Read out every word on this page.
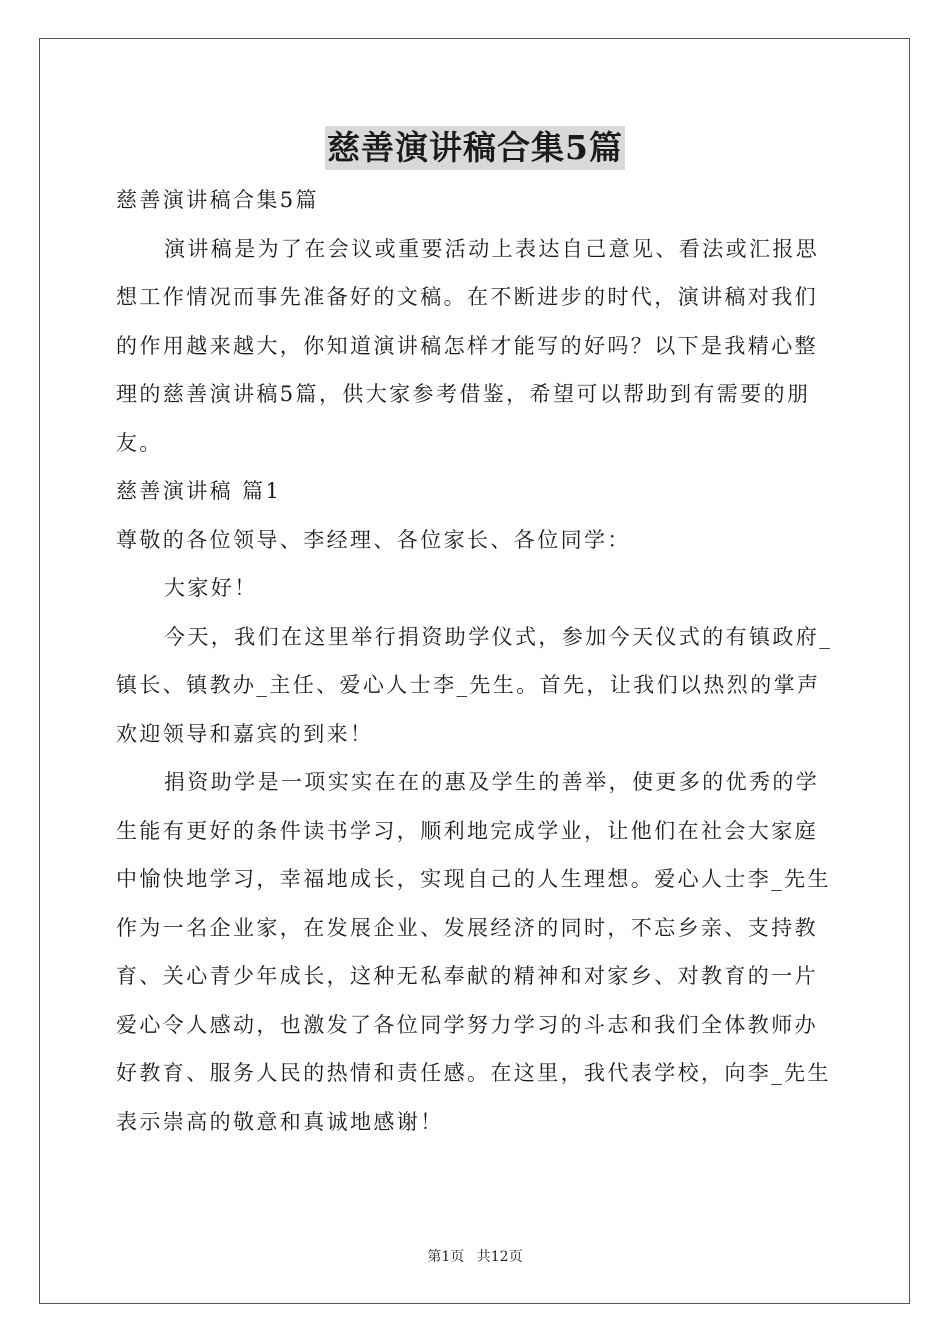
慈善演讲稿合集5篇

慈善演讲稿合集5篇

演讲稿是为了在会议或重要活动上表达自己意见、看法或汇报思想工作情况而事先准备好的文稿。在不断进步的时代，演讲稿对我们的作用越来越大，你知道演讲稿怎样才能写的好吗？以下是我精心整理的慈善演讲稿5篇，供大家参考借鉴，希望可以帮助到有需要的朋友。

慈善演讲稿 篇1

尊敬的各位领导、李经理、各位家长、各位同学：

大家好！

今天，我们在这里举行捐资助学仪式，参加今天仪式的有镇政府_镇长、镇教办_主任、爱心人士李_先生。首先，让我们以热烈的掌声欢迎领导和嘉宾的到来！

捐资助学是一项实实在在的惠及学生的善举，使更多的优秀的学生能有更好的条件读书学习，顺利地完成学业，让他们在社会大家庭中愉快地学习，幸福地成长，实现自己的人生理想。爱心人士李_先生作为一名企业家，在发展企业、发展经济的同时，不忘乡亲、支持教育、关心青少年成长，这种无私奉献的精神和对家乡、对教育的一片爱心令人感动，也激发了各位同学努力学习的斗志和我们全体教师办好教育、服务人民的热情和责任感。在这里，我代表学校，向李_先生表示崇高的敬意和真诚地感谢！

第1页 共12页
